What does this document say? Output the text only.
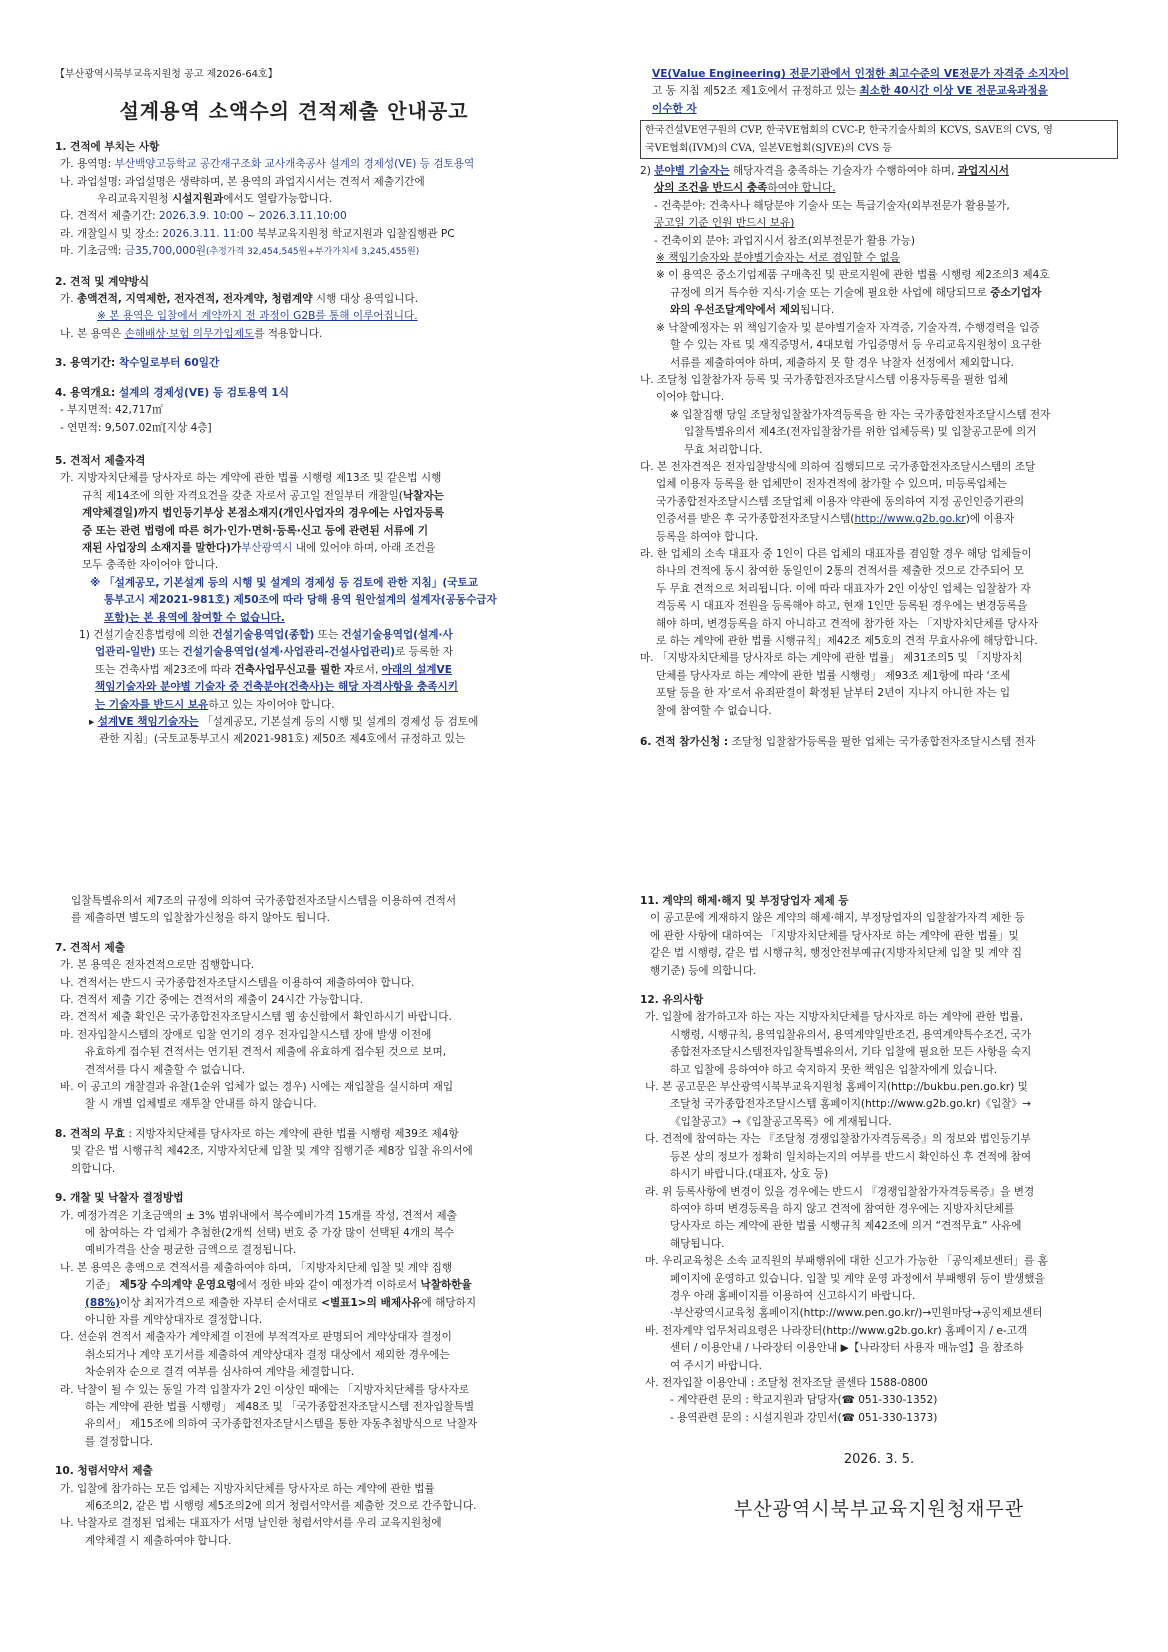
【부산광역시북부교육지원청 공고 제2026-64호】
설계용역 소액수의 견적제출 안내공고

1. 견적에 부치는 사항

가. 용역명: 부산백양고등학교 공간재구조화 교사개축공사 설계의 경제성(VE) 등 검토용역

나. 과업설명: 과업설명은 생략하며, 본 용역의 과업지시서는 견적서 제출기간에

우리교육지원청 시설지원과에서도 열람가능합니다.

다. 견적서 제출기간: 2026.3.9. 10:00 ~ 2026.3.11.10:00

라. 개찰일시 및 장소: 2026.3.11. 11:00 북부교육지원청 학교지원과 입찰집행관 PC

마. 기초금액: 금35,700,000원(추정가격 32,454,545원+부가가치세 3,245,455원)

2. 견적 및 계약방식

가. 총액견적, 지역제한, 전자견적, 전자계약, 청렴계약 시행 대상 용역입니다.

※ 본 용역은 입찰에서 계약까지 전 과정이 G2B를 통해 이루어집니다.

나. 본 용역은 손해배상·보험 의무가입제도를 적용합니다.

3. 용역기간: 착수일로부터 60일간

4. 용역개요: 설계의 경제성(VE) 등 검토용역 1식

- 부지면적: 42,717㎡

- 연면적: 9,507.02㎡[지상 4층]

5. 견적서 제출자격

가. 지방자치단체를 당사자로 하는 계약에 관한 법률 시행령 제13조 및 같은법 시행

규칙 제14조에 의한 자격요건을 갖춘 자로서 공고일 전일부터 개찰일(낙찰자는

계약체결일)까지 법인등기부상 본점소재지(개인사업자의 경우에는 사업자등록

증 또는 관련 법령에 따른 허가·인가·면허·등록·신고 등에 관련된 서류에 기

재된 사업장의 소재지를 말한다)가부산광역시 내에 있어야 하며, 아래 조건을

모두 충족한 자이어야 합니다.

※ 「설계공모, 기본설계 등의 시행 및 설계의 경제성 등 검토에 관한 지침」(국토교

통부고시 제2021-981호) 제50조에 따라 당해 용역 원안설계의 설계자(공동수급자

포함)는 본 용역에 참여할 수 없습니다.

1) 건설기술진흥법령에 의한 건설기술용역업(종합) 또는 건설기술용역업(설계·사

업관리-일반) 또는 건설기술용역업(설계·사업관리-건설사업관리)로 등록한 자

또는 건축사법 제23조에 따라 건축사업무신고를 필한 자로서, 아래의 설계VE

책임기술자와 분야별 기술자 중 건축분야(건축사)는 해당 자격사항을 충족시키

는 기술자를 반드시 보유하고 있는 자이어야 합니다.

▸ 설계VE 책임기술자는 「설계공모, 기본설계 등의 시행 및 설계의 경제성 등 검토에

관한 지침」(국토교통부고시 제2021-981호) 제50조 제4호에서 규정하고 있는

VE(Value Engineering) 전문기관에서 인정한 최고수준의 VE전문가 자격증 소지자이

고 동 지침 제52조 제1호에서 규정하고 있는 최소한 40시간 이상 VE 전문교육과정을

이수한 자

한국건설VE연구원의 CVP, 한국VE협회의 CVC-P, 한국기술사회의 KCVS, SAVE의 CVS, 영
국VE협회(IVM)의 CVA, 일본VE협회(SJVE)의 CVS 등

2) 분야별 기술자는 해당자격을 충족하는 기술자가 수행하여야 하며, 과업지시서

상의 조건을 반드시 충족하여야 합니다.

- 건축분야: 건축사나 해당분야 기술사 또는 특급기술자(외부전문가 활용불가,

공고일 기준 인원 반드시 보유)

- 건축이외 분야: 과업지시서 참조(외부전문가 활용 가능)

※ 책임기술자와 분야별기술자는 서로 겸임할 수 없음

※ 이 용역은 중소기업제품 구매촉진 및 판로지원에 관한 법률 시행령 제2조의3 제4호

규정에 의거 특수한 지식·기술 또는 기술에 필요한 사업에 해당되므로 중소기업자

와의 우선조달계약에서 제외됩니다.

※ 낙찰예정자는 위 책임기술자 및 분야별기술자 자격증, 기술자격, 수행경력을 입증

할 수 있는 자료 및 재직증명서, 4대보험 가입증명서 등 우리교육지원청이 요구한

서류를 제출하여야 하며, 제출하지 못 할 경우 낙찰자 선정에서 제외합니다.

나. 조달청 입찰참가자 등록 및 국가종합전자조달시스템 이용자등록을 필한 업체

이어야 합니다.

※ 입찰집행 당일 조달청입찰참가자격등록을 한 자는 국가종합전자조달시스템 전자

입찰특별유의서 제4조(전자입찰참가를 위한 업체등록) 및 입찰공고문에 의거

무효 처리합니다.

다. 본 전자견적은 전자입찰방식에 의하여 집행되므로 국가종합전자조달시스템의 조달

업체 이용자 등록을 한 업체만이 전자견적에 참가할 수 있으며, 미등록업체는

국가종합전자조달시스템 조달업체 이용자 약관에 동의하여 지정 공인인증기관의

인증서를 받은 후 국가종합전자조달시스템(http://www.g2b.go.kr)에 이용자

등록을 하여야 합니다.

라. 한 업체의 소속 대표자 중 1인이 다른 업체의 대표자를 겸임할 경우 해당 업체들이

하나의 견적에 동시 참여한 동일인이 2통의 견적서를 제출한 것으로 간주되어 모

두 무효 견적으로 처리됩니다. 이에 따라 대표자가 2인 이상인 업체는 입찰참가 자

격등록 시 대표자 전원을 등록해야 하고, 현재 1인만 등록된 경우에는 변경등록을

해야 하며, 변경등록을 하지 아니하고 견적에 참가한 자는 「지방자치단체를 당사자

로 하는 계약에 관한 법률 시행규칙」제42조 제5호의 견적 무효사유에 해당합니다.

마. 「지방자치단체를 당사자로 하는 계약에 관한 법률」 제31조의5 및 「지방자치

단체를 당사자로 하는 계약에 관한 법률 시행령」 제93조 제1항에 따라 ‘조세

포탈 등을 한 자’로서 유죄판결이 확정된 날부터 2년이 지나지 아니한 자는 입

찰에 참여할 수 없습니다.

6. 견적 참가신청 : 조달청 입찰참가등록을 필한 업체는 국가종합전자조달시스템 전자

입찰특별유의서 제7조의 규정에 의하여 국가종합전자조달시스템을 이용하여 견적서

를 제출하면 별도의 입찰참가신청을 하지 않아도 됩니다.

7. 견적서 제출

가. 본 용역은 전자견적으로만 집행합니다.

나. 견적서는 반드시 국가종합전자조달시스템을 이용하여 제출하여야 합니다.

다. 견적서 제출 기간 중에는 견적서의 제출이 24시간 가능합니다.

라. 견적서 제출 확인은 국가종합전자조달시스템 웹 송신함에서 확인하시기 바랍니다.

마. 전자입찰시스템의 장애로 입찰 연기의 경우 전자입찰시스템 장애 발생 이전에

유효하게 접수된 견적서는 연기된 견적서 제출에 유효하게 접수된 것으로 보며,

견적서를 다시 제출할 수 없습니다.

바. 이 공고의 개찰결과 유찰(1순위 업체가 없는 경우) 시에는 재입찰을 실시하며 재입

찰 시 개별 업체별로 재투찰 안내를 하지 않습니다.

8. 견적의 무효 : 지방자치단체를 당사자로 하는 계약에 관한 법률 시행령 제39조 제4항

및 같은 법 시행규칙 제42조, 지방자치단체 입찰 및 계약 집행기준 제8장 입찰 유의서에

의합니다.

9. 개찰 및 낙찰자 결정방법

가. 예정가격은 기초금액의 ± 3% 범위내에서 복수예비가격 15개를 작성, 견적서 제출

에 참여하는 각 업체가 추첨한(2개씩 선택) 번호 중 가장 많이 선택된 4개의 복수

예비가격을 산술 평균한 금액으로 결정됩니다.

나. 본 용역은 총액으로 견적서를 제출하여야 하며, 「지방자치단체 입찰 및 계약 집행

기준」 제5장 수의계약 운영요령에서 정한 바와 같이 예정가격 이하로서 낙찰하한율

(88%)이상 최저가격으로 제출한 자부터 순서대로 <별표1>의 배제사유에 해당하지

아니한 자를 계약상대자로 결정합니다.

다. 선순위 견적서 제출자가 계약체결 이전에 부적격자로 판명되어 계약상대자 결정이

취소되거나 계약 포기서를 제출하여 계약상대자 결정 대상에서 제외한 경우에는

차순위자 순으로 결격 여부를 심사하여 계약을 체결합니다.

라. 낙찰이 될 수 있는 동일 가격 입찰자가 2인 이상인 때에는 「지방자치단체를 당사자로

하는 계약에 관한 법률 시행령」 제48조 및 「국가종합전자조달시스템 전자입찰특별

유의서」 제15조에 의하여 국가종합전자조달시스템을 통한 자동추첨방식으로 낙찰자

를 결정합니다.

10. 청렴서약서 제출

가. 입찰에 참가하는 모든 업체는 지방자치단체를 당사자로 하는 계약에 관한 법률

제6조의2, 같은 법 시행령 제5조의2에 의거 청렴서약서를 제출한 것으로 간주합니다.

나. 낙찰자로 결정된 업체는 대표자가 서명 날인한 청렴서약서를 우리 교육지원청에

계약체결 시 제출하여야 합니다.

11. 계약의 해제·해지 및 부정당업자 제제 등

이 공고문에 게재하지 않은 계약의 해제·해지, 부정당업자의 입찰참가자격 제한 등

에 관한 사항에 대하여는 「지방자치단체를 당사자로 하는 계약에 관한 법률」및

같은 법 시행령, 같은 법 시행규칙, 행정안전부예규(지방자치단체 입찰 및 계약 집

행기준) 등에 의합니다.

12. 유의사항

가. 입찰에 참가하고자 하는 자는 지방자치단체를 당사자로 하는 계약에 관한 법률,

시행령, 시행규칙, 용역입찰유의서, 용역계약일반조건, 용역계약특수조건, 국가

종합전자조달시스템전자입찰특별유의서, 기타 입찰에 필요한 모든 사항을 숙지

하고 입찰에 응하여야 하고 숙지하지 못한 책임은 입찰자에게 있습니다.

나. 본 공고문은 부산광역시북부교육지원청 홈페이지(http://bukbu.pen.go.kr) 및

조달청 국가종합전자조달시스템 홈페이지(http://www.g2b.go.kr)《입찰》→

《입찰공고》→《입찰공고목록》에 게재됩니다.

다. 견적에 참여하는 자는 『조달청 경쟁입찰참가자격등록증』의 정보와 법인등기부

등본 상의 정보가 정확히 일치하는지의 여부를 반드시 확인하신 후 견적에 참여

하시기 바랍니다.(대표자, 상호 등)

라. 위 등록사항에 변경이 있을 경우에는 반드시 『경쟁입찰참가자격등록증』을 변경

하여야 하며 변경등록을 하지 않고 견적에 참여한 경우에는 지방자치단체를

당사자로 하는 계약에 관한 법률 시행규칙 제42조에 의거 “견적무효” 사유에

해당됩니다.

마. 우리교육청은 소속 교직원의 부패행위에 대한 신고가 가능한 「공익제보센터」를 홈

페이지에 운영하고 있습니다. 입찰 및 계약 운영 과정에서 부패행위 등이 발생했을

경우 아래 홈페이지를 이용하여 신고하시기 바랍니다.

·부산광역시교육청 홈페이지(http://www.pen.go.kr/)→민원마당→공익제보센터

바. 전자계약 업무처리요령은 나라장터(http://www.g2b.go.kr) 홈페이지 / e-고객

센터 / 이용안내 / 나라장터 이용안내 ▶【나라장터 사용자 매뉴얼】을 참조하

여 주시기 바랍니다.

사. 전자입찰 이용안내 : 조달청 전자조달 콜센타 1588-0800

- 계약관련 문의 : 학교지원과 담당자(☎ 051-330-1352)

- 용역관련 문의 : 시설지원과 강민서(☎ 051-330-1373)

2026. 3. 5.
부산광역시북부교육지원청재무관
